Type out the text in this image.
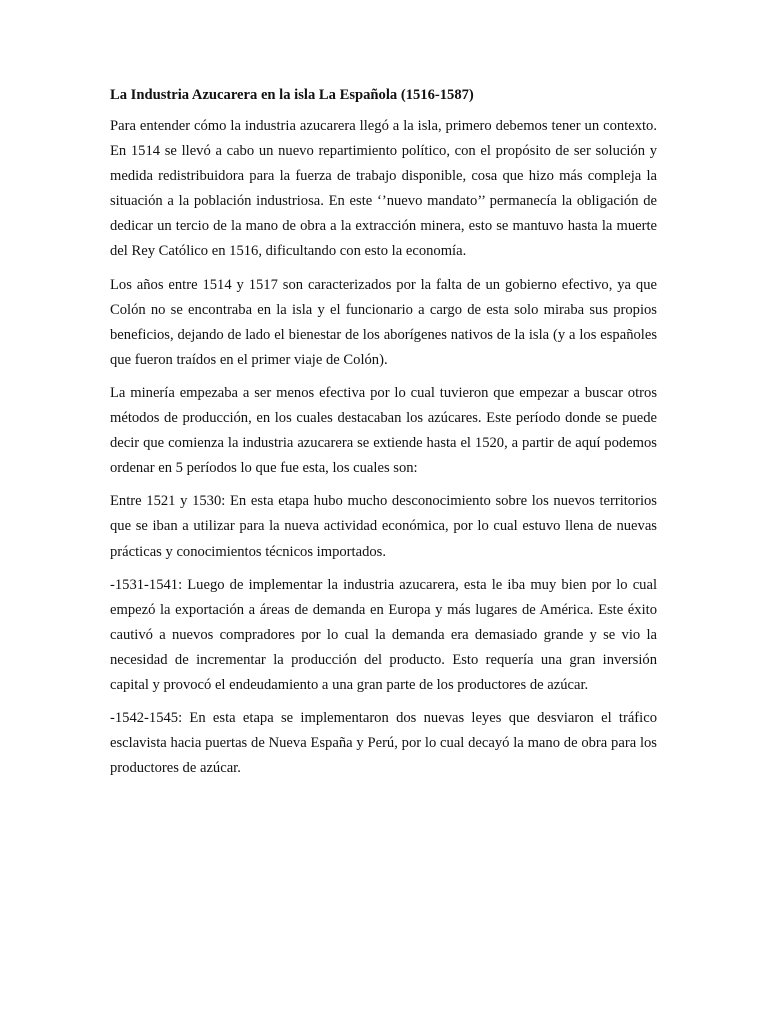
La Industria Azucarera en la isla La Española (1516-1587)

Para entender cómo la industria azucarera llegó a la isla, primero debemos tener un contexto. En 1514 se llevó a cabo un nuevo repartimiento político, con el propósito de ser solución y medida redistribuidora para la fuerza de trabajo disponible, cosa que hizo más compleja la situación a la población industriosa. En este ‘’nuevo mandato’’ permanecía la obligación de dedicar un tercio de la mano de obra a la extracción minera, esto se mantuvo hasta la muerte del Rey Católico en 1516, dificultando con esto la economía.

Los años entre 1514 y 1517 son caracterizados por la falta de un gobierno efectivo, ya que Colón no se encontraba en la isla y el funcionario a cargo de esta solo miraba sus propios beneficios, dejando de lado el bienestar de los aborígenes nativos de la isla (y a los españoles que fueron traídos en el primer viaje de Colón).

La minería empezaba a ser menos efectiva por lo cual tuvieron que empezar a buscar otros métodos de producción, en los cuales destacaban los azúcares. Este período donde se puede decir que comienza la industria azucarera se extiende hasta el 1520, a partir de aquí podemos ordenar en 5 períodos lo que fue esta, los cuales son:

Entre 1521 y 1530: En esta etapa hubo mucho desconocimiento sobre los nuevos territorios que se iban a utilizar para la nueva actividad económica, por lo cual estuvo llena de nuevas prácticas y conocimientos técnicos importados.

-1531-1541: Luego de implementar la industria azucarera, esta le iba muy bien por lo cual empezó la exportación a áreas de demanda en Europa y más lugares de América. Este éxito cautivó a nuevos compradores por lo cual la demanda era demasiado grande y se vio la necesidad de incrementar la producción del producto. Esto requería una gran inversión capital y provocó el endeudamiento a una gran parte de los productores de azúcar.

-1542-1545: En esta etapa se implementaron dos nuevas leyes que desviaron el tráfico esclavista hacia puertas de Nueva España y Perú, por lo cual decayó la mano de obra para los productores de azúcar.
